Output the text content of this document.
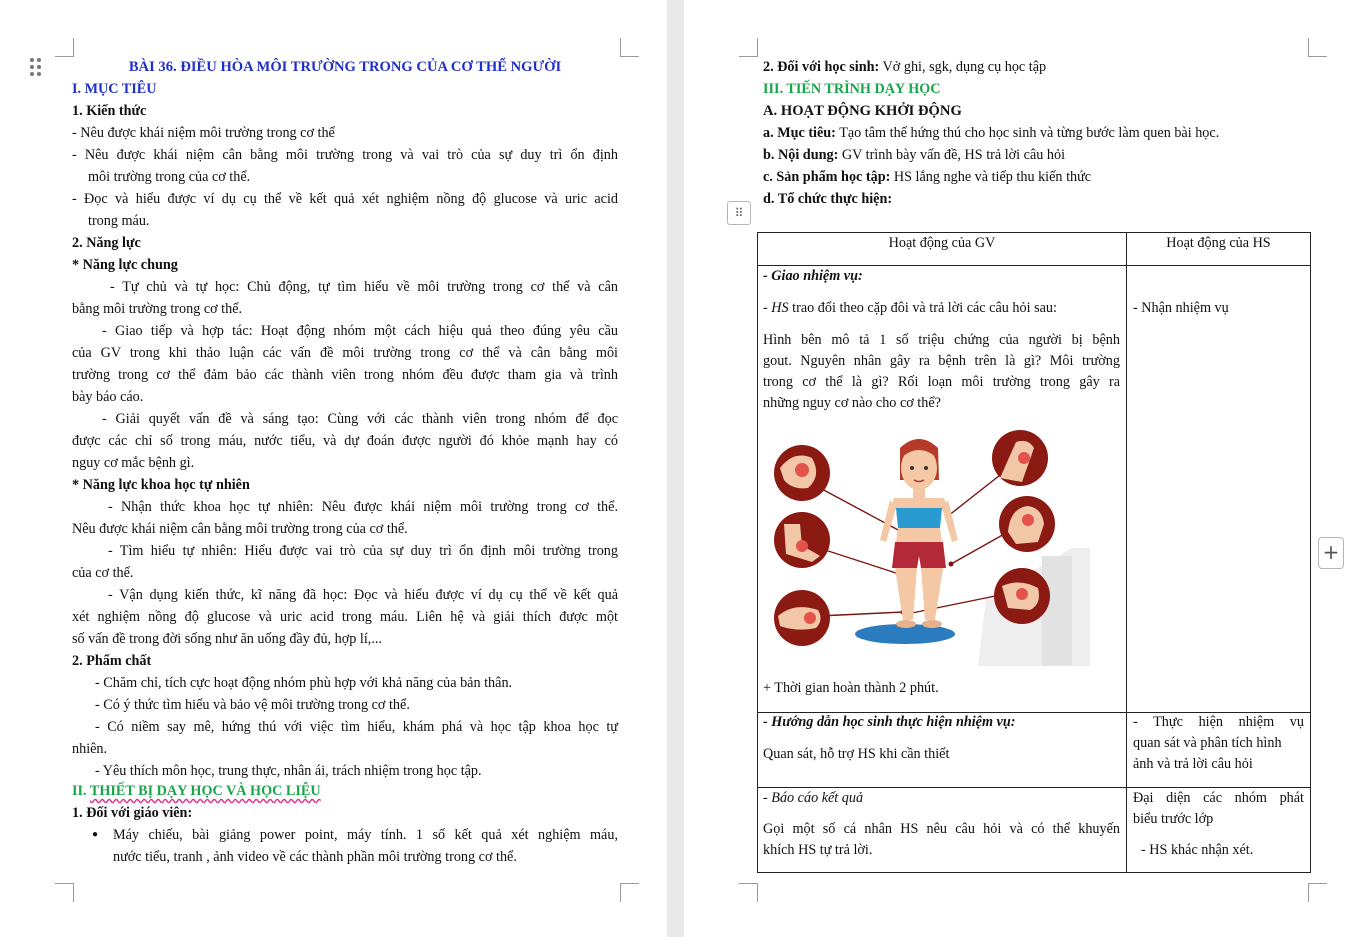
BÀI 36. ĐIỀU HÒA MÔI TRƯỜNG TRONG CỦA CƠ THỂ NGƯỜI
I. MỤC TIÊU
1. Kiến thức
- Nêu được khái niệm môi trường trong cơ thể
- Nêu được khái niệm cân bằng môi trường trong và vai trò của sự duy trì ổn định
môi trường trong của cơ thể.
- Đọc và hiểu được ví dụ cụ thể về kết quả xét nghiệm nồng độ glucose và uric acid
trong máu.
2. Năng lực
* Năng lực chung
- Tự chủ và tự học: Chủ động, tự tìm hiểu về môi trường trong cơ thể và cân
bằng môi trường trong cơ thể.
- Giao tiếp và hợp tác: Hoạt động nhóm một cách hiệu quả theo đúng yêu cầu
của GV trong khi thảo luận các vấn đề môi trường trong cơ thể và cân bằng môi
trường trong cơ thể đảm bảo các thành viên trong nhóm đều được tham gia và trình
bày báo cáo.
- Giải quyết vấn đề và sáng tạo: Cùng với các thành viên trong nhóm để đọc
được các chỉ số trong máu, nước tiểu, và dự đoán được người đó khỏe mạnh hay có
nguy cơ mắc bệnh gì.
* Năng lực khoa học tự nhiên
- Nhận thức khoa học tự nhiên: Nêu được khái niệm môi trường trong cơ thể.
Nêu được khái niệm cân bằng môi trường trong của cơ thể.
- Tìm hiểu tự nhiên: Hiểu được vai trò của sự duy trì ổn định môi trường trong
của cơ thể.
- Vận dụng kiến thức, kĩ năng đã học: Đọc và hiểu được ví dụ cụ thể về kết quả
xét nghiệm nồng độ glucose và uric acid trong máu. Liên hệ và giải thích được một
số vấn đề trong đời sống như ăn uống đầy đủ, hợp lí,...
2. Phẩm chất
- Chăm chỉ, tích cực hoạt động nhóm phù hợp với khả năng của bản thân.
- Có ý thức tìm hiểu và bảo vệ môi trường trong cơ thể.
- Có niềm say mê, hứng thú với việc tìm hiểu, khám phá và học tập khoa học tự
nhiên.
- Yêu thích môn học, trung thực, nhân ái, trách nhiệm trong học tập.
II. THIẾT BỊ DẠY HỌC VÀ HỌC LIỆU
1. Đối với giáo viên:
● Máy chiếu, bài giảng power point, máy tính. 1 số kết quả xét nghiệm máu,
nước tiểu, tranh , ảnh video về các thành phần môi trường trong cơ thể.
2. Đối với học sinh: Vở ghi, sgk, dụng cụ học tập
III. TIẾN TRÌNH DẠY HỌC
A. HOẠT ĐỘNG KHỞI ĐỘNG
a. Mục tiêu: Tạo tâm thế hứng thú cho học sinh và từng bước làm quen bài học.
b. Nội dung: GV trình bày vấn đề, HS trả lời câu hỏi
c. Sản phẩm học tập: HS lắng nghe và tiếp thu kiến thức
d. Tổ chức thực hiện:
⠿
Hoạt động của GV	Hoạt động của HS
- Giao nhiệm vụ:
- HS trao đổi theo cặp đôi và trả lời các câu hỏi sau:
Hình bên mô tả 1 số triệu chứng của người bị bệnh
gout. Nguyên nhân gây ra bệnh trên là gì? Môi trường
trong cơ thể là gì? Rối loạn môi trường trong gây ra
những nguy cơ nào cho cơ thể?
+ Thời gian hoàn thành 2 phút.
- Nhận nhiệm vụ
- Hướng dẫn học sinh thực hiện nhiệm vụ:
Quan sát, hỗ trợ HS khi cần thiết
- Thực hiện nhiệm vụ
quan sát và phân tích hình
ảnh và trả lời câu hỏi
- Báo cáo kết quả
Gọi một số cá nhân HS nêu câu hỏi và có thể khuyến
khích HS tự trả lời.
Đại diện các nhóm phát
biểu trước lớp
- HS khác nhận xét.
+
